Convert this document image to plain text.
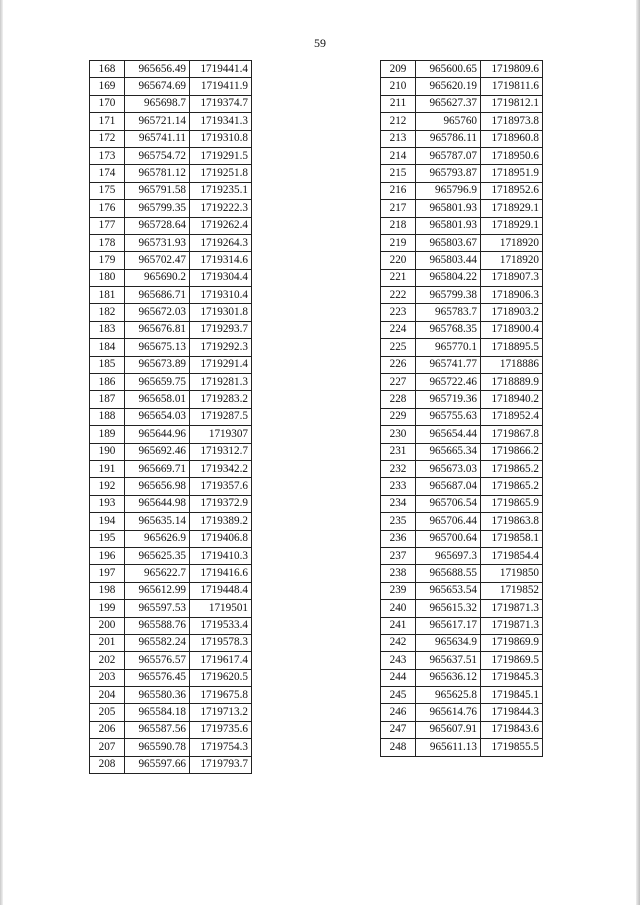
59
168	965656.49	1719441.4
169	965674.69	1719411.9
170	965698.7	1719374.7
171	965721.14	1719341.3
172	965741.11	1719310.8
173	965754.72	1719291.5
174	965781.12	1719251.8
175	965791.58	1719235.1
176	965799.35	1719222.3
177	965728.64	1719262.4
178	965731.93	1719264.3
179	965702.47	1719314.6
180	965690.2	1719304.4
181	965686.71	1719310.4
182	965672.03	1719301.8
183	965676.81	1719293.7
184	965675.13	1719292.3
185	965673.89	1719291.4
186	965659.75	1719281.3
187	965658.01	1719283.2
188	965654.03	1719287.5
189	965644.96	1719307
190	965692.46	1719312.7
191	965669.71	1719342.2
192	965656.98	1719357.6
193	965644.98	1719372.9
194	965635.14	1719389.2
195	965626.9	1719406.8
196	965625.35	1719410.3
197	965622.7	1719416.6
198	965612.99	1719448.4
199	965597.53	1719501
200	965588.76	1719533.4
201	965582.24	1719578.3
202	965576.57	1719617.4
203	965576.45	1719620.5
204	965580.36	1719675.8
205	965584.18	1719713.2
206	965587.56	1719735.6
207	965590.78	1719754.3
208	965597.66	1719793.7
209	965600.65	1719809.6
210	965620.19	1719811.6
211	965627.37	1719812.1
212	965760	1718973.8
213	965786.11	1718960.8
214	965787.07	1718950.6
215	965793.87	1718951.9
216	965796.9	1718952.6
217	965801.93	1718929.1
218	965801.93	1718929.1
219	965803.67	1718920
220	965803.44	1718920
221	965804.22	1718907.3
222	965799.38	1718906.3
223	965783.7	1718903.2
224	965768.35	1718900.4
225	965770.1	1718895.5
226	965741.77	1718886
227	965722.46	1718889.9
228	965719.36	1718940.2
229	965755.63	1718952.4
230	965654.44	1719867.8
231	965665.34	1719866.2
232	965673.03	1719865.2
233	965687.04	1719865.2
234	965706.54	1719865.9
235	965706.44	1719863.8
236	965700.64	1719858.1
237	965697.3	1719854.4
238	965688.55	1719850
239	965653.54	1719852
240	965615.32	1719871.3
241	965617.17	1719871.3
242	965634.9	1719869.9
243	965637.51	1719869.5
244	965636.12	1719845.3
245	965625.8	1719845.1
246	965614.76	1719844.3
247	965607.91	1719843.6
248	965611.13	1719855.5
